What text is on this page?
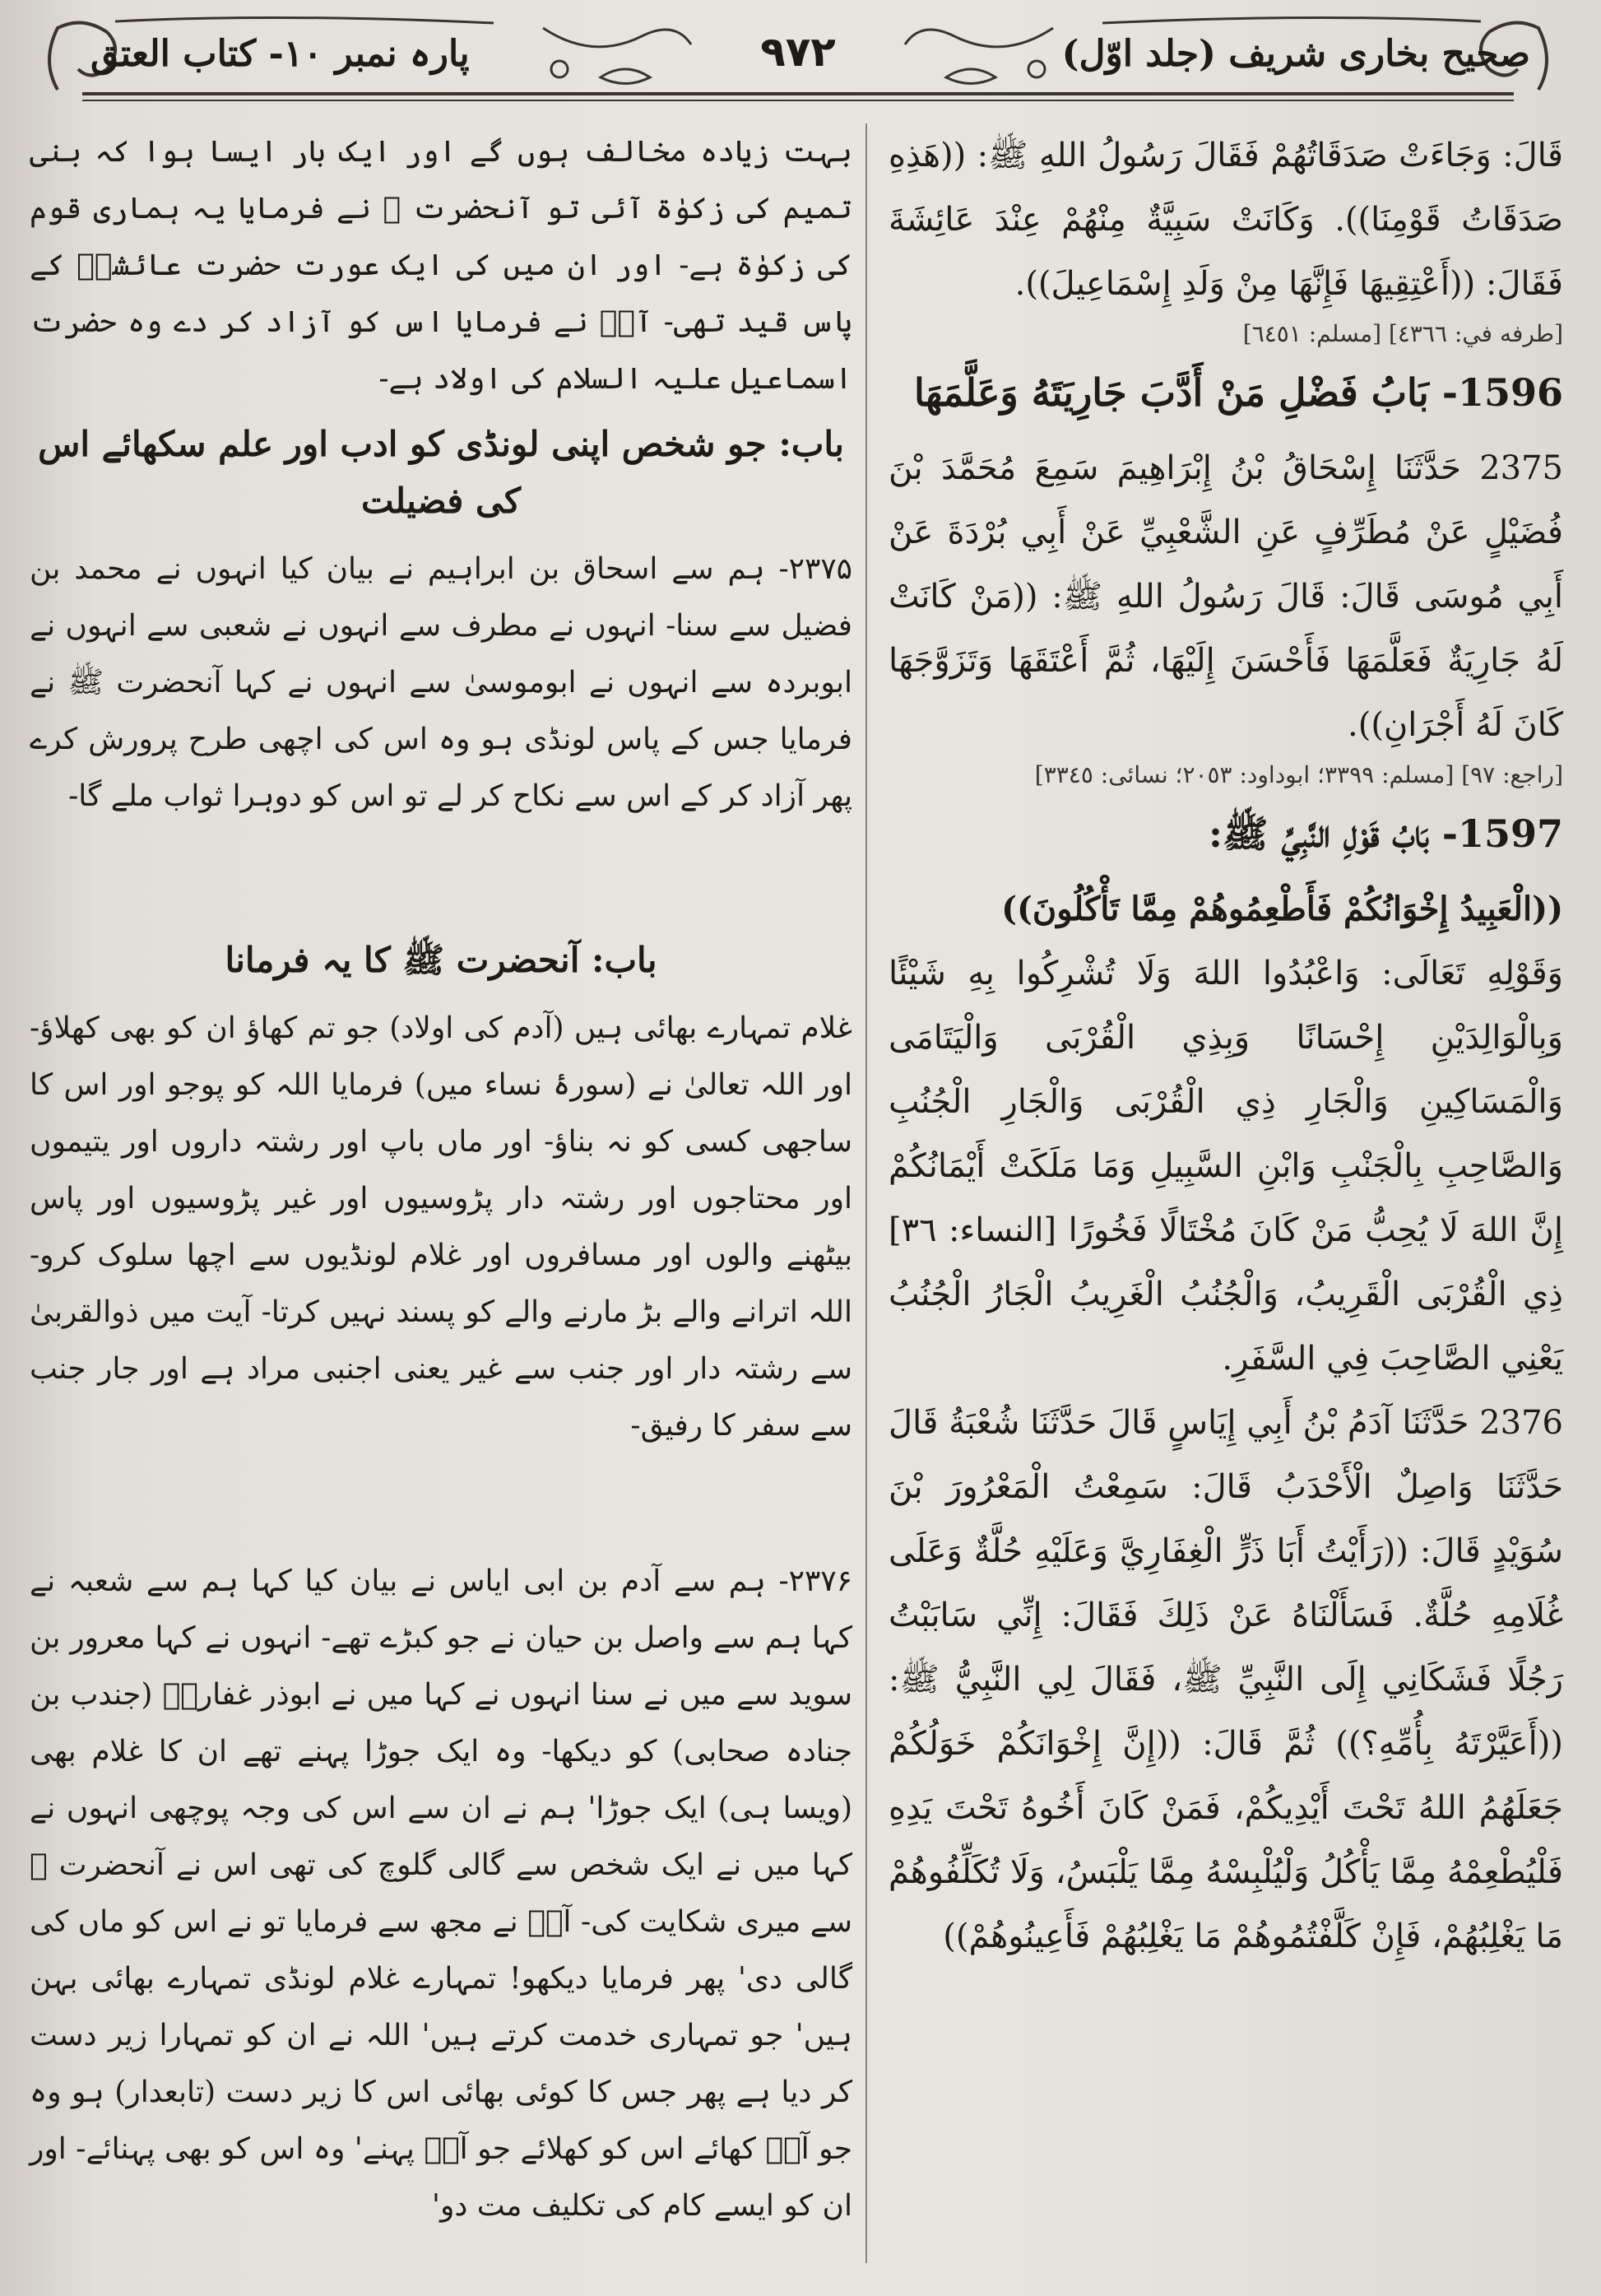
پارہ نمبر ۱۰- کتاب العتق	۹۷۲	صحیح بخاری شریف (جلد اوّل)

قَالَ: وَجَاءَتْ صَدَقَاتُهُمْ فَقَالَ رَسُولُ اللهِ ﷺ: ((هَذِهِ صَدَقَاتُ قَوْمِنَا)). وَكَانَتْ سَبِيَّةٌ مِنْهُمْ عِنْدَ عَائِشَةَ فَقَالَ: ((أَعْتِقِيهَا فَإِنَّهَا مِنْ وَلَدِ إِسْمَاعِيلَ)).

[طرفه في: ٤٣٦٦] [مسلم: ٦٤٥١]
1596- بَابُ فَضْلِ مَنْ أَدَّبَ جَارِيَتَهُ وَعَلَّمَهَا

2375 حَدَّثَنَا إِسْحَاقُ بْنُ إِبْرَاهِيمَ سَمِعَ مُحَمَّدَ بْنَ فُضَيْلٍ عَنْ مُطَرِّفٍ عَنِ الشَّعْبِيِّ عَنْ أَبِي بُرْدَةَ عَنْ أَبِي مُوسَى قَالَ: قَالَ رَسُولُ اللهِ ﷺ: ((مَنْ كَانَتْ لَهُ جَارِيَةٌ فَعَلَّمَهَا فَأَحْسَنَ إِلَيْهَا، ثُمَّ أَعْتَقَهَا وَتَزَوَّجَهَا كَانَ لَهُ أَجْرَانِ)).

[راجع: ٩٧] [مسلم: ٣٣٩٩؛ ابوداود: ٢٠٥٣؛ نسائی: ٣٣٤٥]
1597- بَابُ قَوْلِ النَّبِيِّ ﷺ:

((الْعَبِيدُ إِخْوَانُكُمْ فَأَطْعِمُوهُمْ مِمَّا تَأْكُلُونَ))

وَقَوْلِهِ تَعَالَى: وَاعْبُدُوا اللهَ وَلَا تُشْرِكُوا بِهِ شَيْئًا وَبِالْوَالِدَيْنِ إِحْسَانًا وَبِذِي الْقُرْبَى وَالْيَتَامَى وَالْمَسَاكِينِ وَالْجَارِ ذِي الْقُرْبَى وَالْجَارِ الْجُنُبِ وَالصَّاحِبِ بِالْجَنْبِ وَابْنِ السَّبِيلِ وَمَا مَلَكَتْ أَيْمَانُكُمْ إِنَّ اللهَ لَا يُحِبُّ مَنْ كَانَ مُخْتَالًا فَخُورًا [النساء: ٣٦] ذِي الْقُرْبَى الْقَرِيبُ، وَالْجُنُبُ الْغَرِيبُ الْجَارُ الْجُنُبُ يَعْنِي الصَّاحِبَ فِي السَّفَرِ.

2376 حَدَّثَنَا آدَمُ بْنُ أَبِي إِيَاسٍ قَالَ حَدَّثَنَا شُعْبَةُ قَالَ حَدَّثَنَا وَاصِلٌ الْأَحْدَبُ قَالَ: سَمِعْتُ الْمَعْرُورَ بْنَ سُوَيْدٍ قَالَ: ((رَأَيْتُ أَبَا ذَرٍّ الْغِفَارِيَّ وَعَلَيْهِ حُلَّةٌ وَعَلَى غُلَامِهِ حُلَّةٌ. فَسَأَلْنَاهُ عَنْ ذَلِكَ فَقَالَ: إِنِّي سَابَبْتُ رَجُلًا فَشَكَانِي إِلَى النَّبِيِّ ﷺ، فَقَالَ لِي النَّبِيُّ ﷺ: ((أَعَيَّرْتَهُ بِأُمِّهِ؟)) ثُمَّ قَالَ: ((إِنَّ إِخْوَانَكُمْ خَوَلُكُمْ جَعَلَهُمُ اللهُ تَحْتَ أَيْدِيكُمْ، فَمَنْ كَانَ أَخُوهُ تَحْتَ يَدِهِ فَلْيُطْعِمْهُ مِمَّا يَأْكُلُ وَلْيُلْبِسْهُ مِمَّا يَلْبَسُ، وَلَا تُكَلِّفُوهُمْ مَا يَغْلِبُهُمْ، فَإِنْ كَلَّفْتُمُوهُمْ مَا يَغْلِبُهُمْ فَأَعِينُوهُمْ))

بہت زیادہ مخالف ہوں گے اور ایک بار ایسا ہوا کہ بنی تمیم کی زکوٰۃ آئی تو آنحضرت ﷺ نے فرمایا یہ ہماری قوم کی زکوٰۃ ہے- اور ان میں کی ایک عورت حضرت عائشہؓ کے پاس قید تھی- آپؐ نے فرمایا اس کو آزاد کر دے وہ حضرت اسماعیل علیہ السلام کی اولاد ہے-

باب: جو شخص اپنی لونڈی کو ادب اور علم سکھائے اس کی فضیلت

۲۳۷۵- ہم سے اسحاق بن ابراہیم نے بیان کیا انہوں نے محمد بن فضیل سے سنا- انہوں نے مطرف سے انہوں نے شعبی سے انہوں نے ابوبردہ سے انہوں نے ابوموسیٰ سے انہوں نے کہا آنحضرت ﷺ نے فرمایا جس کے پاس لونڈی ہو وہ اس کی اچھی طرح پرورش کرے پھر آزاد کر کے اس سے نکاح کر لے تو اس کو دوہرا ثواب ملے گا-

باب: آنحضرت ﷺ کا یہ فرمانا

غلام تمہارے بھائی ہیں (آدم کی اولاد) جو تم کھاؤ ان کو بھی کھلاؤ- اور اللہ تعالیٰ نے (سورۂ نساء میں) فرمایا اللہ کو پوجو اور اس کا ساجھی کسی کو نہ بناؤ- اور ماں باپ اور رشتہ داروں اور یتیموں اور محتاجوں اور رشتہ دار پڑوسیوں اور غیر پڑوسیوں اور پاس بیٹھنے والوں اور مسافروں اور غلام لونڈیوں سے اچھا سلوک کرو- اللہ اترانے والے بڑ مارنے والے کو پسند نہیں کرتا- آیت میں ذوالقربیٰ سے رشتہ دار اور جنب سے غیر یعنی اجنبی مراد ہے اور جار جنب سے سفر کا رفیق-

۲۳۷۶- ہم سے آدم بن ابی ایاس نے بیان کیا کہا ہم سے شعبہ نے کہا ہم سے واصل بن حیان نے جو کبڑے تھے- انہوں نے کہا معرور بن سوید سے میں نے سنا انہوں نے کہا میں نے ابوذر غفاریؓ (جندب بن جنادہ صحابی) کو دیکھا- وہ ایک جوڑا پہنے تھے ان کا غلام بھی (ویسا ہی) ایک جوڑا' ہم نے ان سے اس کی وجہ پوچھی انہوں نے کہا میں نے ایک شخص سے گالی گلوچ کی تھی اس نے آنحضرت ﷺ سے میری شکایت کی- آپؐ نے مجھ سے فرمایا تو نے اس کو ماں کی گالی دی' پھر فرمایا دیکھو! تمہارے غلام لونڈی تمہارے بھائی بہن ہیں' جو تمہاری خدمت کرتے ہیں' اللہ نے ان کو تمہارا زیر دست کر دیا ہے پھر جس کا کوئی بھائی اس کا زیر دست (تابعدار) ہو وہ جو آپؐ کھائے اس کو کھلائے جو آپؐ پہنے' وہ اس کو بھی پہنائے- اور ان کو ایسے کام کی تکلیف مت دو'
